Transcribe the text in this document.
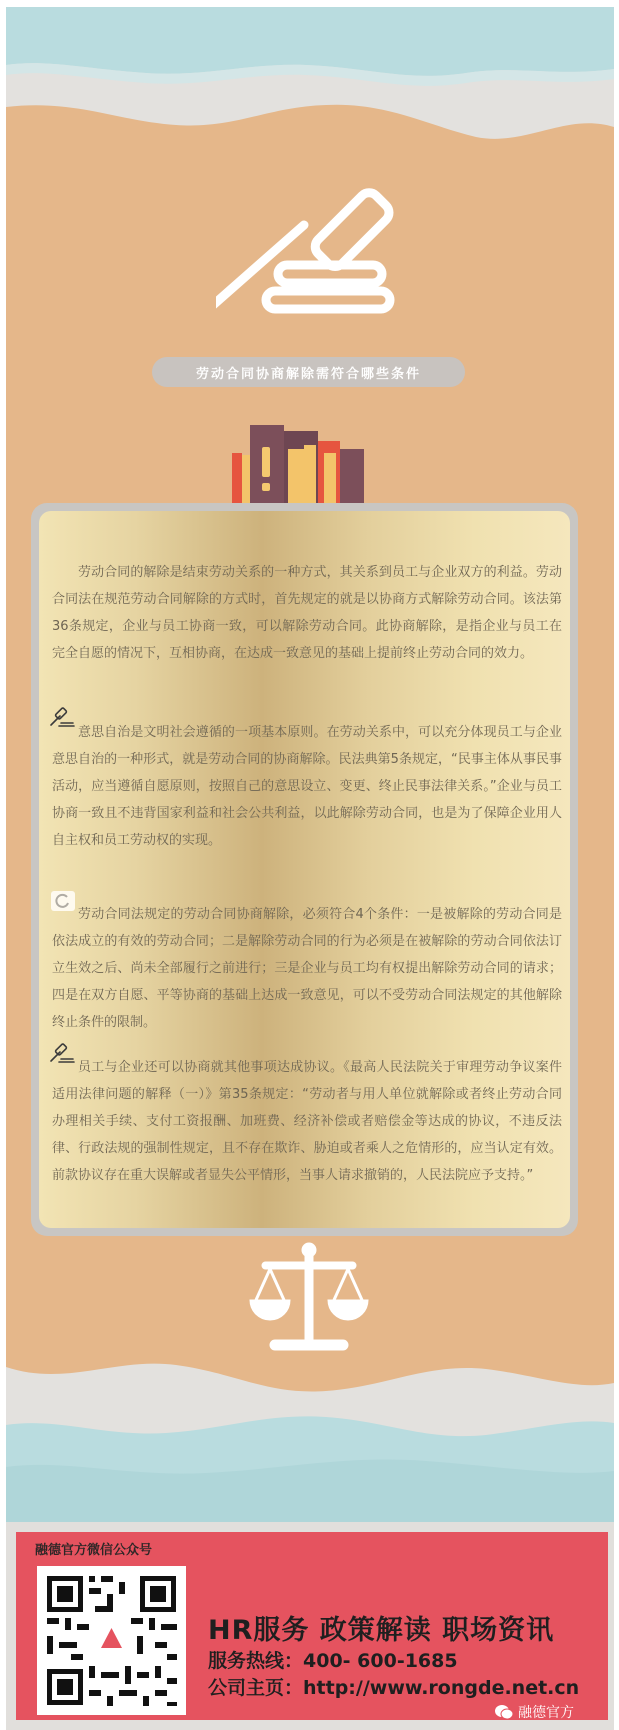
劳动合同协商解除需符合哪些条件

劳动合同的解除是结束劳动关系的一种方式，其关系到员工与企业双方的利益。劳动合同法在规范劳动合同解除的方式时，首先规定的就是以协商方式解除劳动合同。该法第36条规定，企业与员工协商一致，可以解除劳动合同。此协商解除，是指企业与员工在完全自愿的情况下，互相协商，在达成一致意见的基础上提前终止劳动合同的效力。

意思自治是文明社会遵循的一项基本原则。在劳动关系中，可以充分体现员工与企业意思自治的一种形式，就是劳动合同的协商解除。民法典第5条规定，“民事主体从事民事活动，应当遵循自愿原则，按照自己的意思设立、变更、终止民事法律关系。”企业与员工协商一致且不违背国家利益和社会公共利益，以此解除劳动合同，也是为了保障企业用人自主权和员工劳动权的实现。

劳动合同法规定的劳动合同协商解除，必须符合4个条件：一是被解除的劳动合同是依法成立的有效的劳动合同；二是解除劳动合同的行为必须是在被解除的劳动合同依法订立生效之后、尚未全部履行之前进行；三是企业与员工均有权提出解除劳动合同的请求；四是在双方自愿、平等协商的基础上达成一致意见，可以不受劳动合同法规定的其他解除终止条件的限制。

员工与企业还可以协商就其他事项达成协议。《最高人民法院关于审理劳动争议案件适用法律问题的解释（一）》第35条规定：“劳动者与用人单位就解除或者终止劳动合同办理相关手续、支付工资报酬、加班费、经济补偿或者赔偿金等达成的协议，不违反法律、行政法规的强制性规定，且不存在欺诈、胁迫或者乘人之危情形的，应当认定有效。前款协议存在重大误解或者显失公平情形，当事人请求撤销的，人民法院应予支持。”

融德官方微信公众号
HR服务 政策解读 职场资讯
服务热线：400- 600-1685
公司主页：http://www.rongde.net.cn
融德官方
